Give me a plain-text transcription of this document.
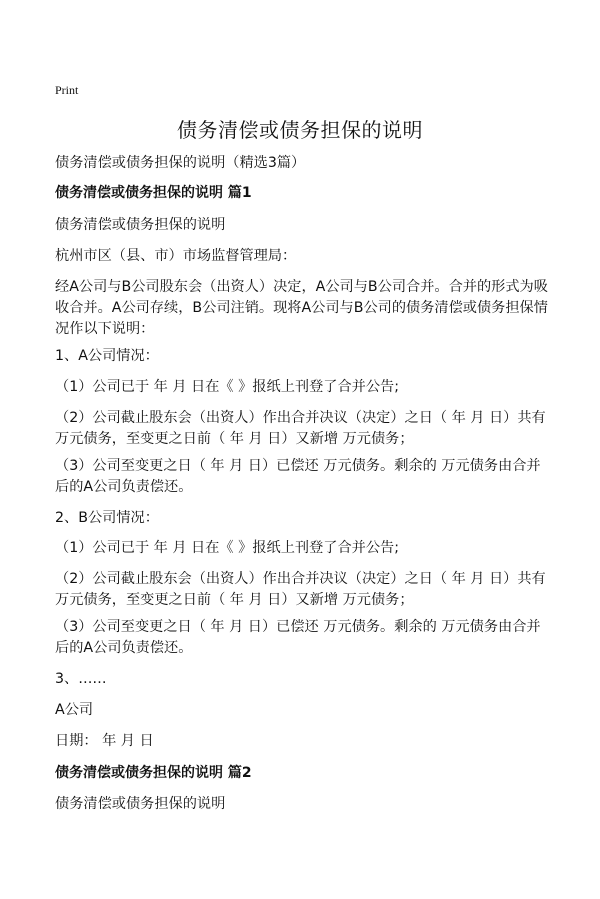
Print
债务清偿或债务担保的说明
债务清偿或债务担保的说明（精选3篇）
债务清偿或债务担保的说明 篇1
债务清偿或债务担保的说明
杭州市区（县、市）市场监督管理局：
经A公司与B公司股东会（出资人）决定，A公司与B公司合并。合并的形式为吸收合并。A公司存续，B公司注销。现将A公司与B公司的债务清偿或债务担保情况作以下说明：
1、A公司情况：
（1）公司已于 年 月 日在《 》报纸上刊登了合并公告;
（2）公司截止股东会（出资人）作出合并决议（决定）之日（ 年 月 日）共有 万元债务，至变更之日前（ 年 月 日）又新增 万元债务；
（3）公司至变更之日（ 年 月 日）已偿还 万元债务。剩余的 万元债务由合并后的A公司负责偿还。
2、B公司情况：
（1）公司已于 年 月 日在《 》报纸上刊登了合并公告;
（2）公司截止股东会（出资人）作出合并决议（决定）之日（ 年 月 日）共有 万元债务，至变更之日前（ 年 月 日）又新增 万元债务；
（3）公司至变更之日（ 年 月 日）已偿还 万元债务。剩余的 万元债务由合并后的A公司负责偿还。
3、……
A公司
日期： 年 月 日
债务清偿或债务担保的说明 篇2
债务清偿或债务担保的说明
